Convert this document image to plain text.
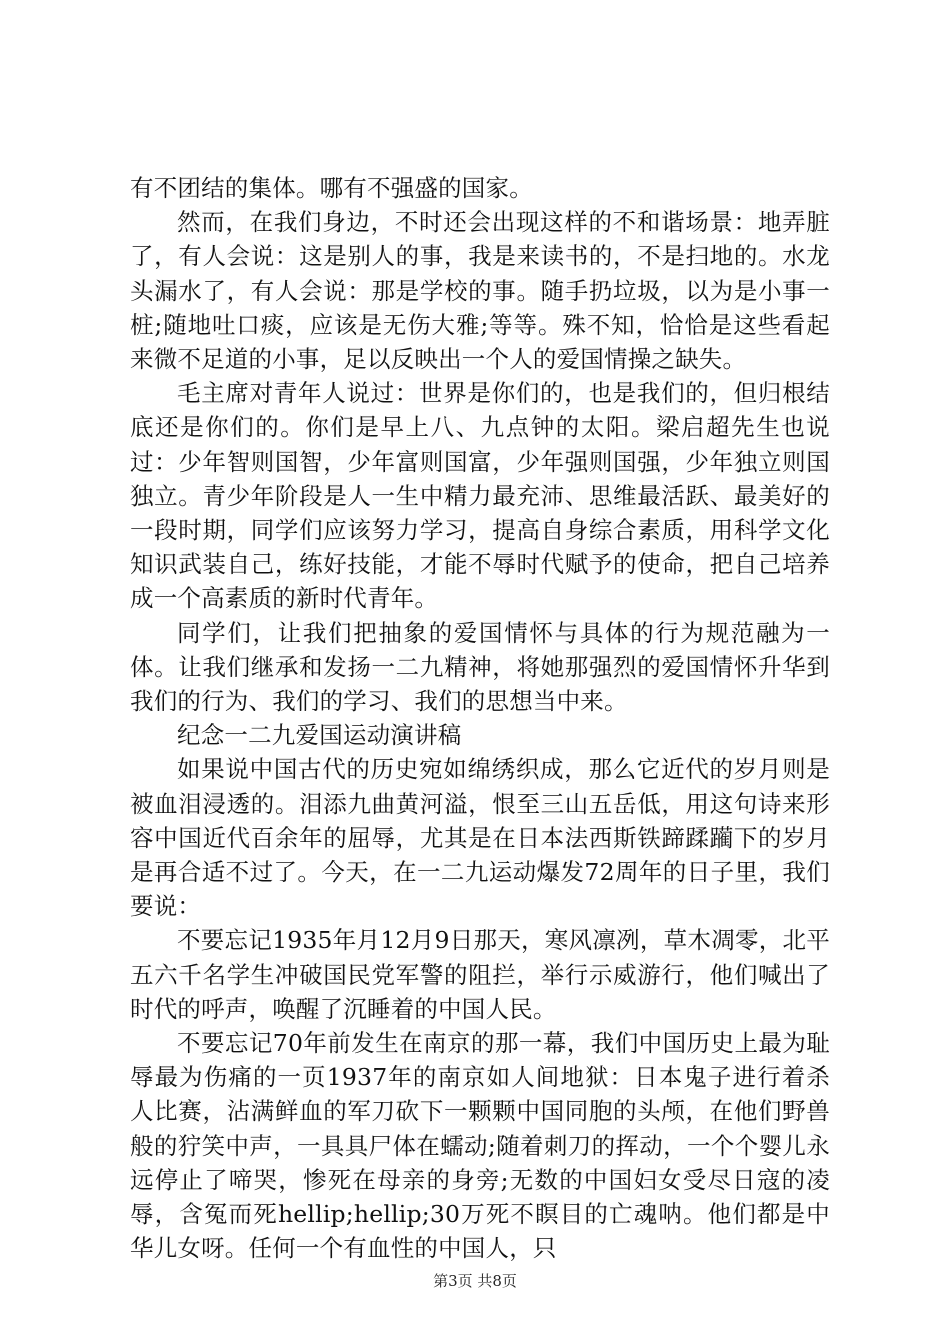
有不团结的集体。哪有不强盛的国家。

然而，在我们身边，不时还会出现这样的不和谐场景：地弄脏了，有人会说：这是别人的事，我是来读书的，不是扫地的。水龙头漏水了，有人会说：那是学校的事。随手扔垃圾，以为是小事一桩;随地吐口痰，应该是无伤大雅;等等。殊不知，恰恰是这些看起来微不足道的小事，足以反映出一个人的爱国情操之缺失。

毛主席对青年人说过：世界是你们的，也是我们的，但归根结底还是你们的。你们是早上八、九点钟的太阳。梁启超先生也说过：少年智则国智，少年富则国富，少年强则国强，少年独立则国独立。青少年阶段是人一生中精力最充沛、思维最活跃、最美好的一段时期，同学们应该努力学习，提高自身综合素质，用科学文化知识武装自己，练好技能，才能不辱时代赋予的使命，把自己培养成一个高素质的新时代青年。

同学们，让我们把抽象的爱国情怀与具体的行为规范融为一体。让我们继承和发扬一二九精神，将她那强烈的爱国情怀升华到我们的行为、我们的学习、我们的思想当中来。

纪念一二九爱国运动演讲稿

如果说中国古代的历史宛如绵绣织成，那么它近代的岁月则是被血泪浸透的。泪添九曲黄河溢，恨至三山五岳低，用这句诗来形容中国近代百余年的屈辱，尤其是在日本法西斯铁蹄蹂躏下的岁月是再合适不过了。今天，在一二九运动爆发72周年的日子里，我们要说：

不要忘记1935年月12月9日那天，寒风凛冽，草木凋零，北平五六千名学生冲破国民党军警的阻拦，举行示威游行，他们喊出了时代的呼声，唤醒了沉睡着的中国人民。

不要忘记70年前发生在南京的那一幕，我们中国历史上最为耻辱最为伤痛的一页1937年的南京如人间地狱：日本鬼子进行着杀人比赛，沾满鲜血的军刀砍下一颗颗中国同胞的头颅，在他们野兽般的狞笑中声，一具具尸体在蠕动;随着刺刀的挥动，一个个婴儿永远停止了啼哭，惨死在母亲的身旁;无数的中国妇女受尽日寇的凌辱，含冤而死hellip;hellip;30万死不瞑目的亡魂呐。他们都是中华儿女呀。任何一个有血性的中国人，只

第3页 共8页
